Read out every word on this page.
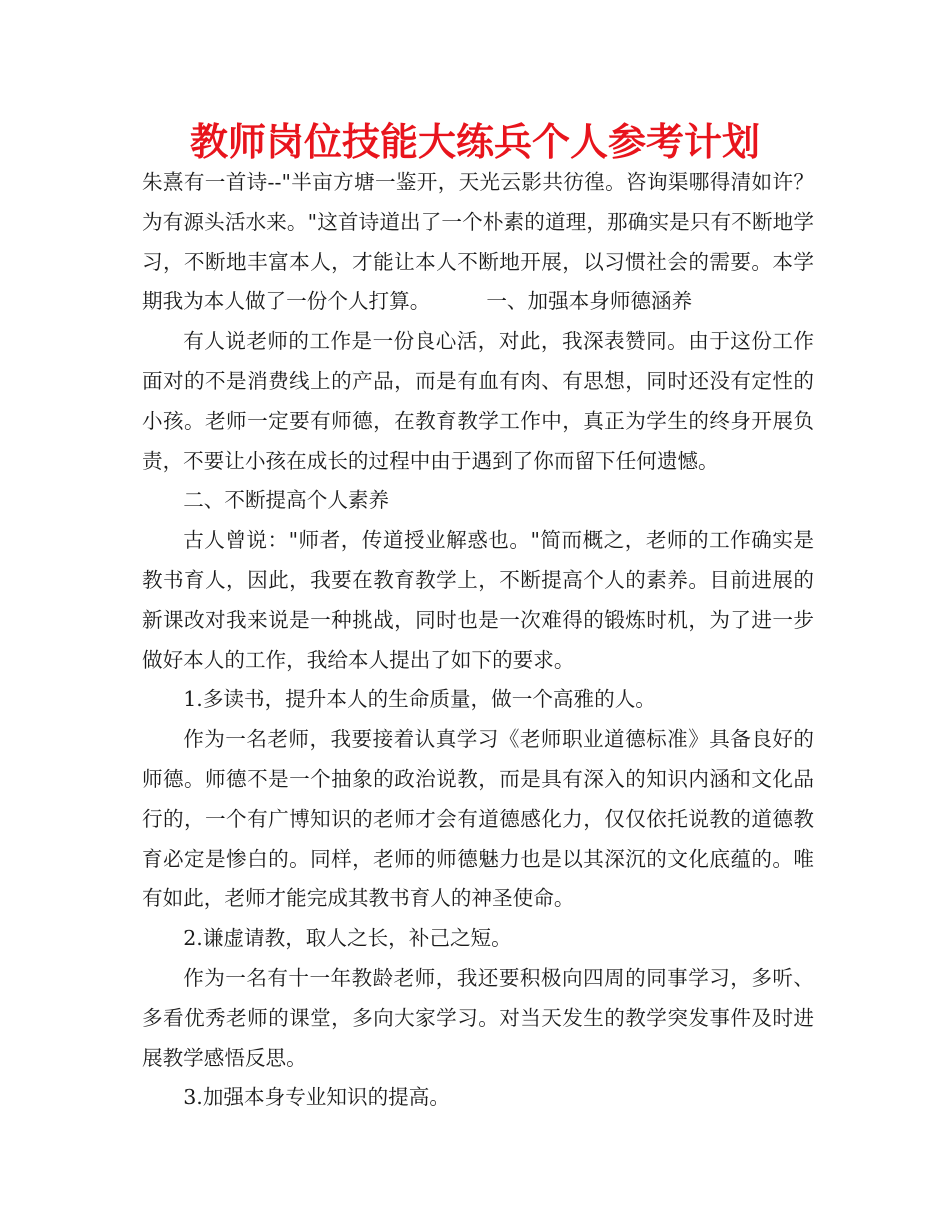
教师岗位技能大练兵个人参考计划

朱熹有一首诗--"半亩方塘一鉴开，天光云影共彷徨。咨询渠哪得清如许？为有源头活水来。"这首诗道出了一个朴素的道理，那确实是只有不断地学习，不断地丰富本人，才能让本人不断地开展，以习惯社会的需要。本学期我为本人做了一份个人打算。	一、加强本身师德涵养

有人说老师的工作是一份良心活，对此，我深表赞同。由于这份工作面对的不是消费线上的产品，而是有血有肉、有思想，同时还没有定性的小孩。老师一定要有师德，在教育教学工作中，真正为学生的终身开展负责，不要让小孩在成长的过程中由于遇到了你而留下任何遗憾。

二、不断提高个人素养

古人曾说："师者，传道授业解惑也。"简而概之，老师的工作确实是教书育人，因此，我要在教育教学上，不断提高个人的素养。目前进展的新课改对我来说是一种挑战，同时也是一次难得的锻炼时机，为了进一步做好本人的工作，我给本人提出了如下的要求。

1.多读书，提升本人的生命质量，做一个高雅的人。

作为一名老师，我要接着认真学习《老师职业道德标准》具备良好的师德。师德不是一个抽象的政治说教，而是具有深入的知识内涵和文化品行的，一个有广博知识的老师才会有道德感化力，仅仅依托说教的道德教育必定是惨白的。同样，老师的师德魅力也是以其深沉的文化底蕴的。唯有如此，老师才能完成其教书育人的神圣使命。

2.谦虚请教，取人之长，补己之短。

作为一名有十一年教龄老师，我还要积极向四周的同事学习，多听、多看优秀老师的课堂，多向大家学习。对当天发生的教学突发事件及时进展教学感悟反思。

3.加强本身专业知识的提高。
